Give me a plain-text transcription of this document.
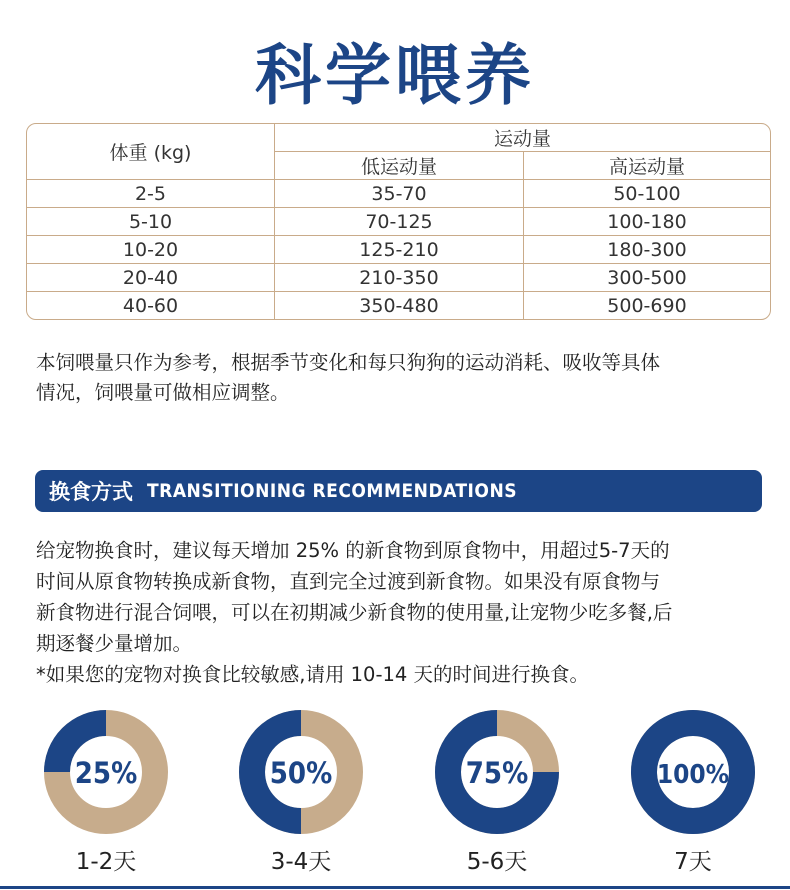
科学喂养
体重 (kg)	运动量	
	低运动量	高运动量
2-5	35-70	50-100
5-10	70-125	100-180
10-20	125-210	180-300
20-40	210-350	300-500
40-60	350-480	500-690
本饲喂量只作为参考，根据季节变化和每只狗狗的运动消耗、吸收等具体
情况，饲喂量可做相应调整。
换食方式 TRANSITIONING RECOMMENDATIONS
给宠物换食时，建议每天增加 25% 的新食物到原食物中，用超过5-7天的
时间从原食物转换成新食物，直到完全过渡到新食物。如果没有原食物与
新食物进行混合饲喂，可以在初期减少新食物的使用量,让宠物少吃多餐,后
期逐餐少量增加。
*如果您的宠物对换食比较敏感,请用 10-14 天的时间进行换食。
25%
1-2天
50%
3-4天
75%
5-6天
100%
7天
